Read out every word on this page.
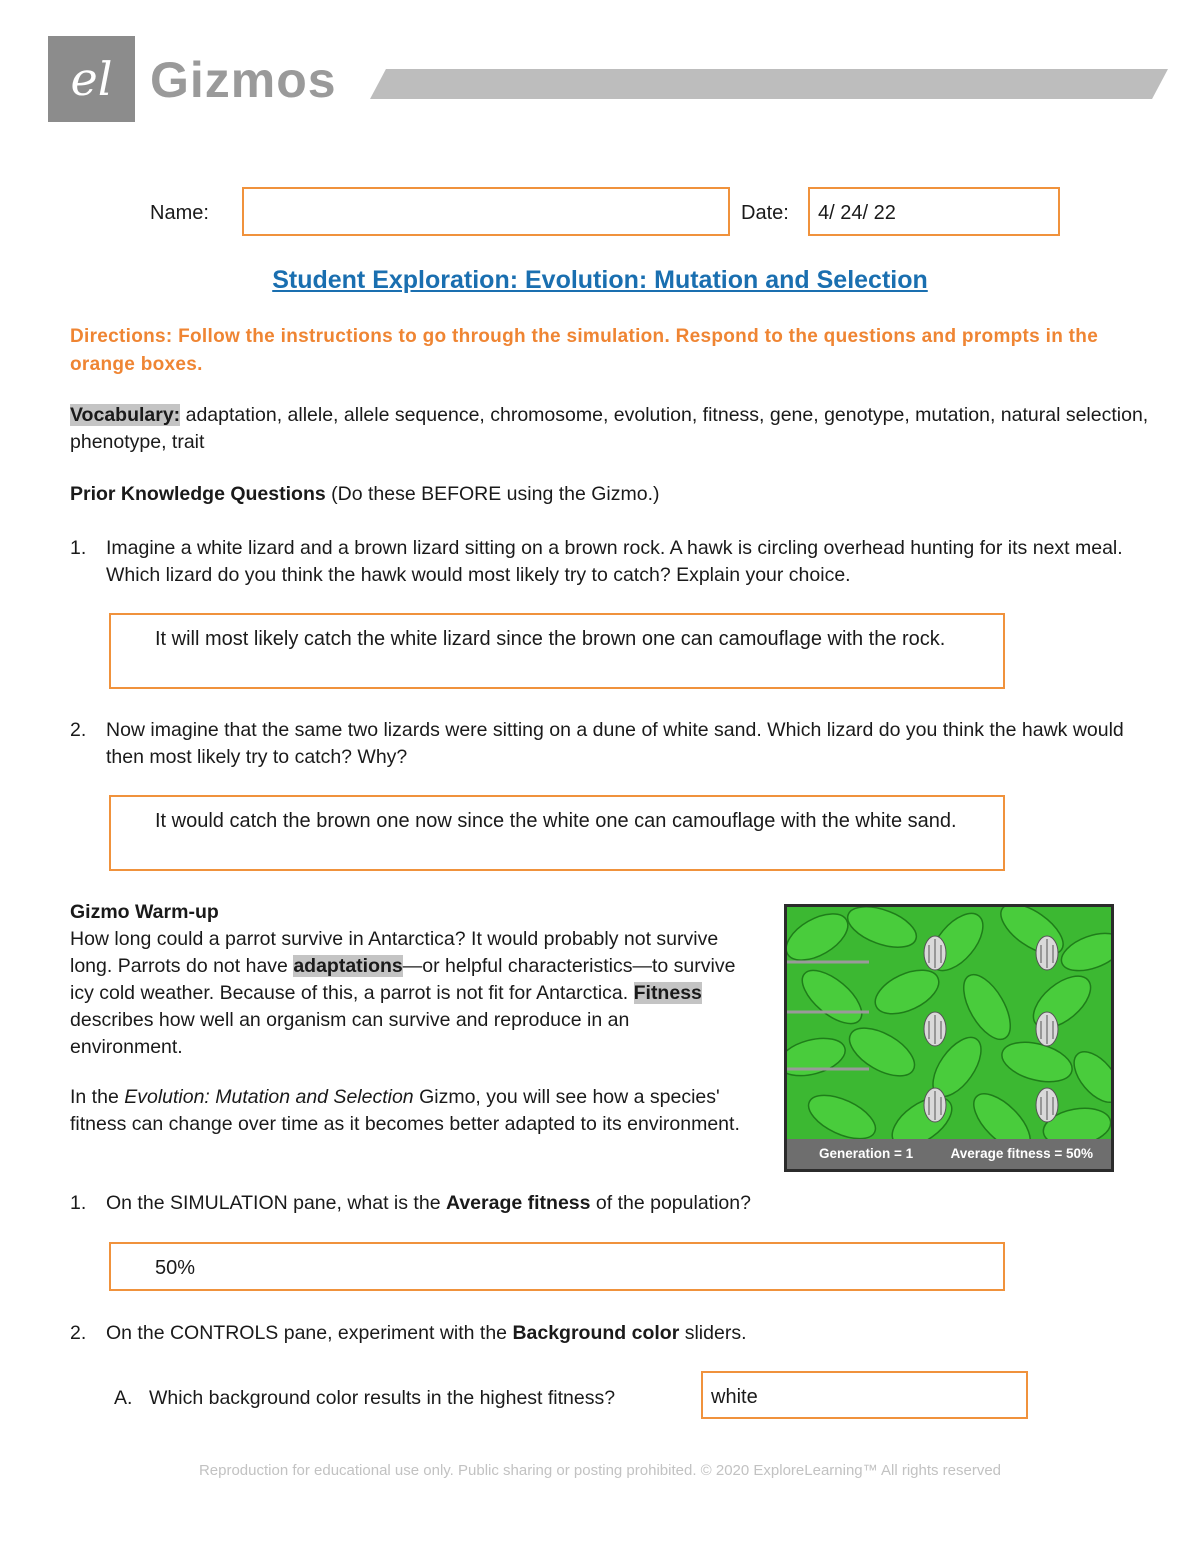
el Gizmos
Name:	Date: 4/ 24/ 22
Student Exploration: Evolution: Mutation and Selection
Directions: Follow the instructions to go through the simulation. Respond to the questions and prompts in the orange boxes.
Vocabulary: adaptation, allele, allele sequence, chromosome, evolution, fitness, gene, genotype, mutation, natural selection, phenotype, trait
Prior Knowledge Questions (Do these BEFORE using the Gizmo.)
1. Imagine a white lizard and a brown lizard sitting on a brown rock. A hawk is circling overhead hunting for its next meal. Which lizard do you think the hawk would most likely try to catch? Explain your choice.
It will most likely catch the white lizard since the brown one can camouflage with the rock.
2. Now imagine that the same two lizards were sitting on a dune of white sand. Which lizard do you think the hawk would then most likely try to catch? Why?
It would catch the brown one now since the white one can camouflage with the white sand.
Gizmo Warm-up
How long could a parrot survive in Antarctica? It would probably not survive long. Parrots do not have adaptations—or helpful characteristics—to survive icy cold weather. Because of this, a parrot is not fit for Antarctica. Fitness describes how well an organism can survive and reproduce in an environment.
In the Evolution: Mutation and Selection Gizmo, you will see how a species' fitness can change over time as it becomes better adapted to its environment.
Generation = 1	Average fitness = 50%
1. On the SIMULATION pane, what is the Average fitness of the population?
50%
2. On the CONTROLS pane, experiment with the Background color sliders.
A. Which background color results in the highest fitness?	white
Reproduction for educational use only. Public sharing or posting prohibited. © 2020 ExploreLearning™ All rights reserved
